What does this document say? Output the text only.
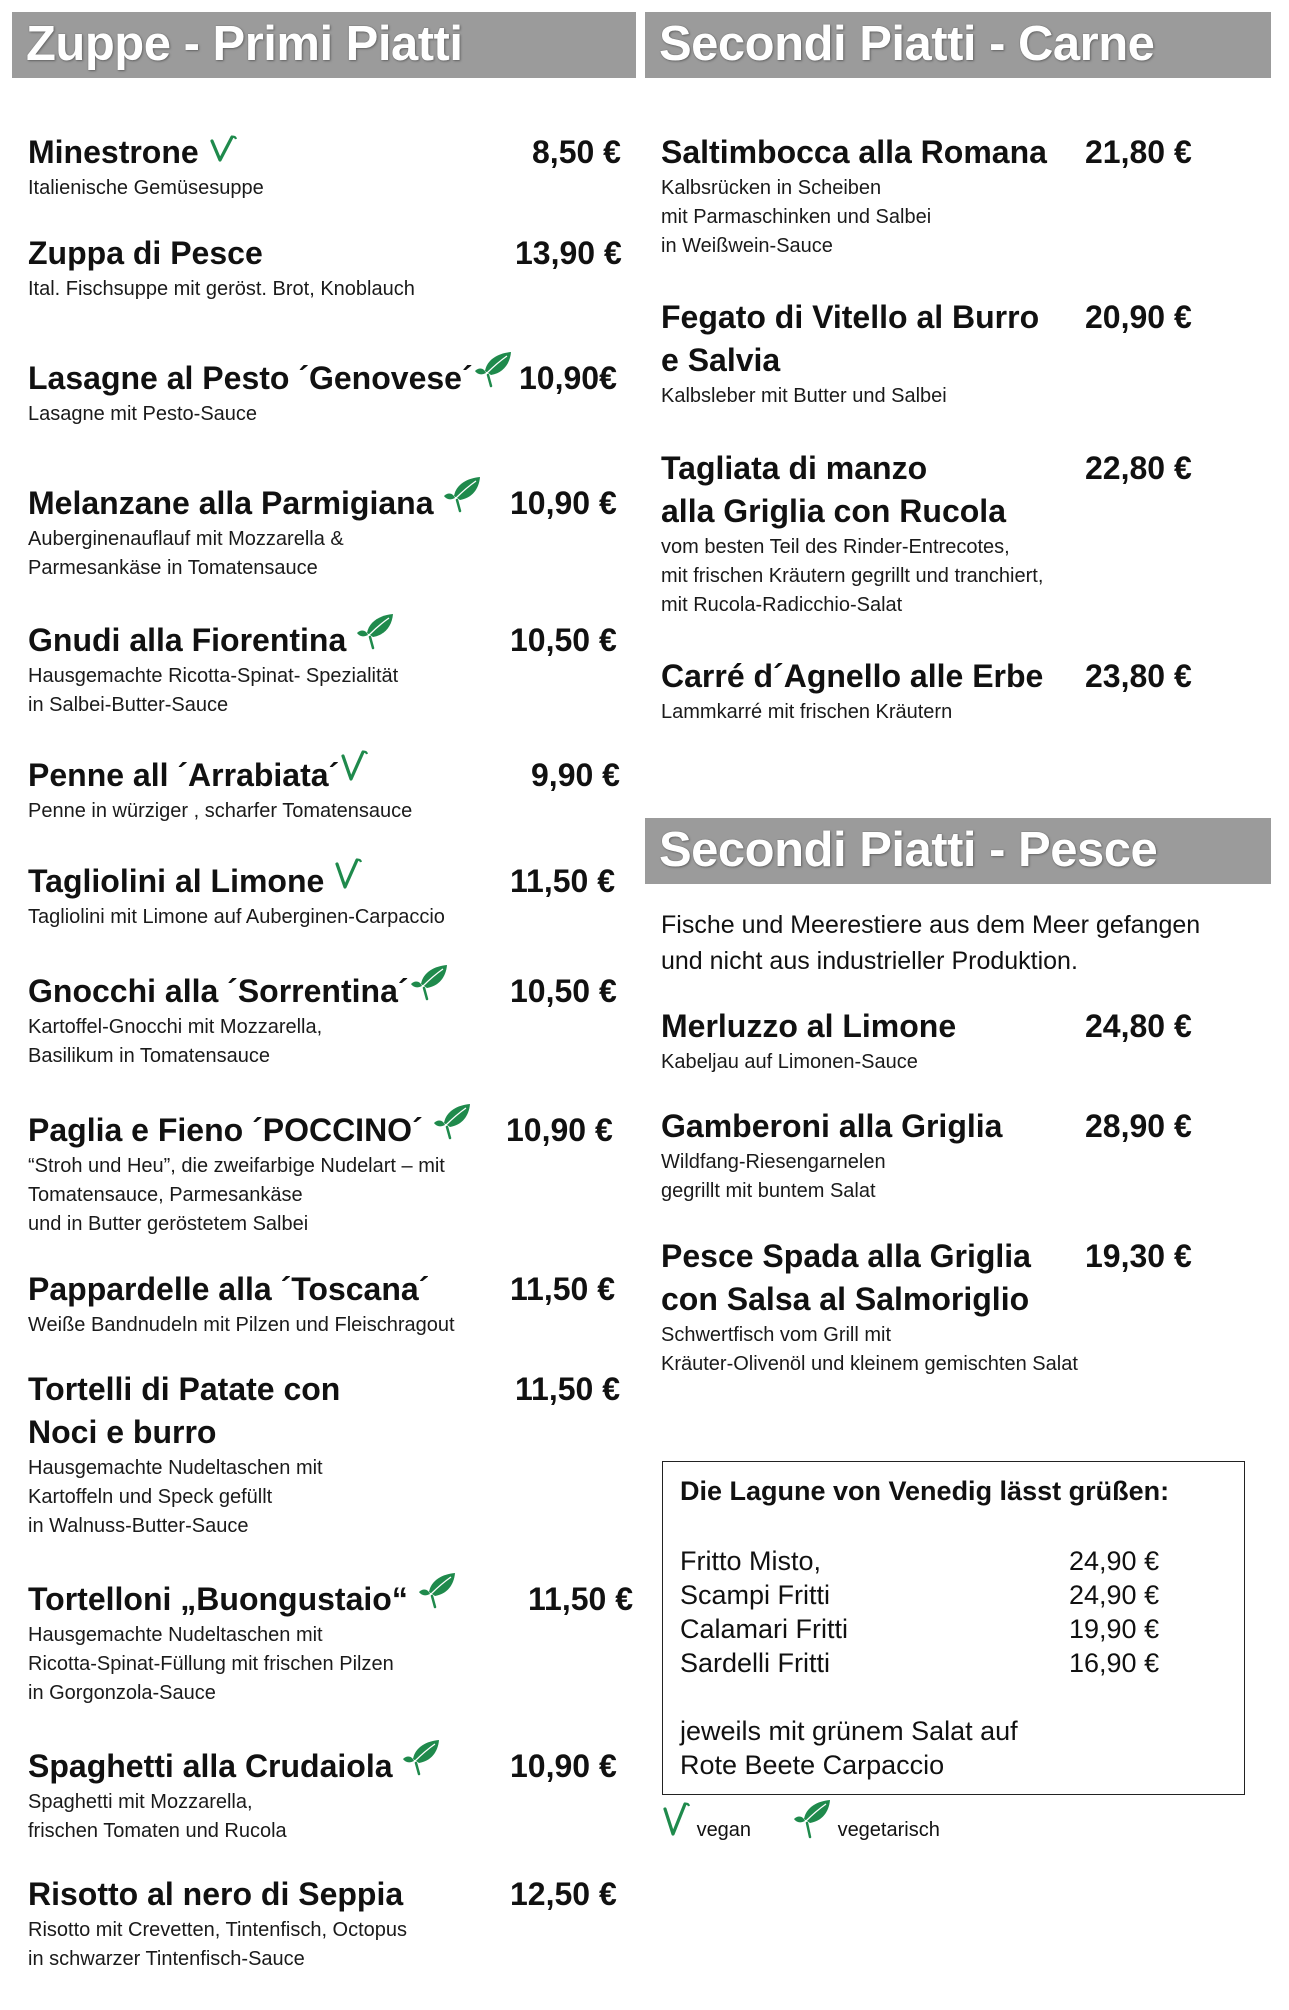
Zuppe - Primi Piatti	Secondi Piatti - Carne
Secondi Piatti - Pesce
Minestrone	8,50 €
Italienische Gemüsesuppe
Zuppa di Pesce	13,90 €
Ital. Fischsuppe mit geröst. Brot, Knoblauch
Lasagne al Pesto ´Genovese´	10,90€
Lasagne mit Pesto-Sauce
Melanzane alla Parmigiana	10,90 €
Auberginenauflauf mit Mozzarella &
Parmesankäse in Tomatensauce
Gnudi alla Fiorentina	10,50 €
Hausgemachte Ricotta-Spinat- Spezialität
in Salbei-Butter-Sauce
Penne all ´Arrabiata´	9,90 €
Penne in würziger , scharfer Tomatensauce
Tagliolini al Limone	11,50 €
Tagliolini mit Limone auf Auberginen-Carpaccio
Gnocchi alla ´Sorrentina´	10,50 €
Kartoffel-Gnocchi mit Mozzarella,
Basilikum in Tomatensauce
Paglia e Fieno ´POCCINO´	10,90 €
“Stroh und Heu”, die zweifarbige Nudelart – mit
Tomatensauce, Parmesankäse
und in Butter geröstetem Salbei
Pappardelle alla ´Toscana´	11,50 €
Weiße Bandnudeln mit Pilzen und Fleischragout
Tortelli di Patate con
Noci e burro
11,50 €
Hausgemachte Nudeltaschen mit
Kartoffeln und Speck gefüllt
in Walnuss-Butter-Sauce
Tortelloni „Buongustaio“	11,50 €
Hausgemachte Nudeltaschen mit
Ricotta-Spinat-Füllung mit frischen Pilzen
in Gorgonzola-Sauce
Spaghetti alla Crudaiola	10,90 €
Spaghetti mit Mozzarella,
frischen Tomaten und Rucola
Risotto al nero di Seppia	12,50 €
Risotto mit Crevetten, Tintenfisch, Octopus
in schwarzer Tintenfisch-Sauce
Saltimbocca alla Romana	21,80 €
Kalbsrücken in Scheiben
mit Parmaschinken und Salbei
in Weißwein-Sauce
Fegato di Vitello al Burro
e Salvia
20,90 €
Kalbsleber mit Butter und Salbei
Tagliata di manzo
alla Griglia con Rucola
22,80 €
vom besten Teil des Rinder-Entrecotes,
mit frischen Kräutern gegrillt und tranchiert,
mit Rucola-Radicchio-Salat
Carré d´Agnello alle Erbe	23,80 €
Lammkarré mit frischen Kräutern
Fische und Meerestiere aus dem Meer gefangen
und nicht aus industrieller Produktion.
Merluzzo al Limone	24,80 €
Kabeljau auf Limonen-Sauce
Gamberoni alla Griglia	28,90 €
Wildfang-Riesengarnelen
gegrillt mit buntem Salat
Pesce Spada alla Griglia
con Salsa al Salmoriglio
19,30 €
Schwertfisch vom Grill mit
Kräuter-Olivenöl und kleinem gemischten Salat
Die Lagune von Venedig lässt grüßen:
Fritto Misto,	24,90 €
Scampi Fritti	24,90 €
Calamari Fritti	19,90 €
Sardelli Fritti	16,90 €
jeweils mit grünem Salat auf
Rote Beete Carpaccio
vegan	vegetarisch
